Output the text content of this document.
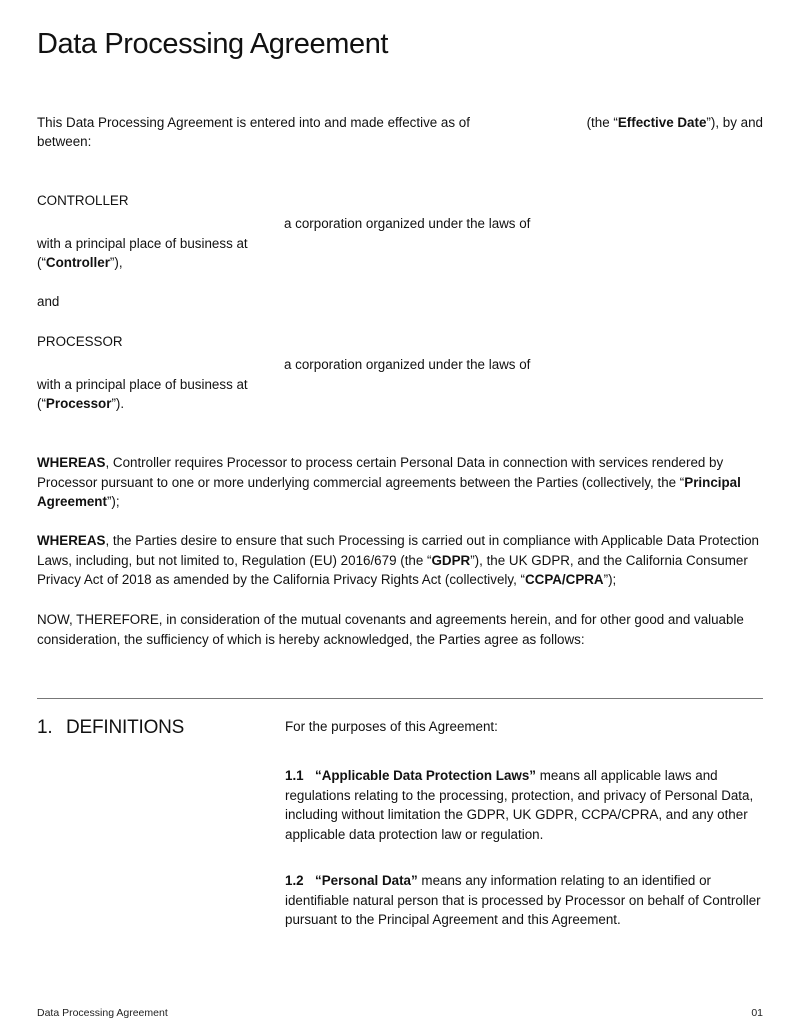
Data Processing Agreement
This Data Processing Agreement is entered into and made effective as of	(the “Effective Date”), by and
between:
CONTROLLER
a corporation organized under the laws of
with a principal place of business at
(“Controller”),
and
PROCESSOR
a corporation organized under the laws of
with a principal place of business at
(“Processor”).

WHEREAS, Controller requires Processor to process certain Personal Data in connection with services rendered by Processor pursuant to one or more underlying commercial agreements between the Parties (collectively, the “Principal Agreement”);

WHEREAS, the Parties desire to ensure that such Processing is carried out in compliance with Applicable Data Protection Laws, including, but not limited to, Regulation (EU) 2016/679 (the “GDPR”), the UK GDPR, and the California Consumer Privacy Act of 2018 as amended by the California Privacy Rights Act (collectively, “CCPA/CPRA”);

NOW, THEREFORE, in consideration of the mutual covenants and agreements herein, and for other good and valuable consideration, the sufficiency of which is hereby acknowledged, the Parties agree as follows:

1. DEFINITIONS	For the purposes of this Agreement:
1.1 “Applicable Data Protection Laws” means all applicable laws and regulations relating to the processing, protection, and privacy of Personal Data, including without limitation the GDPR, UK GDPR, CCPA/CPRA, and any other applicable data protection law or regulation.
1.2 “Personal Data” means any information relating to an identified or identifiable natural person that is processed by Processor on behalf of Controller pursuant to the Principal Agreement and this Agreement.
Data Processing Agreement	01
